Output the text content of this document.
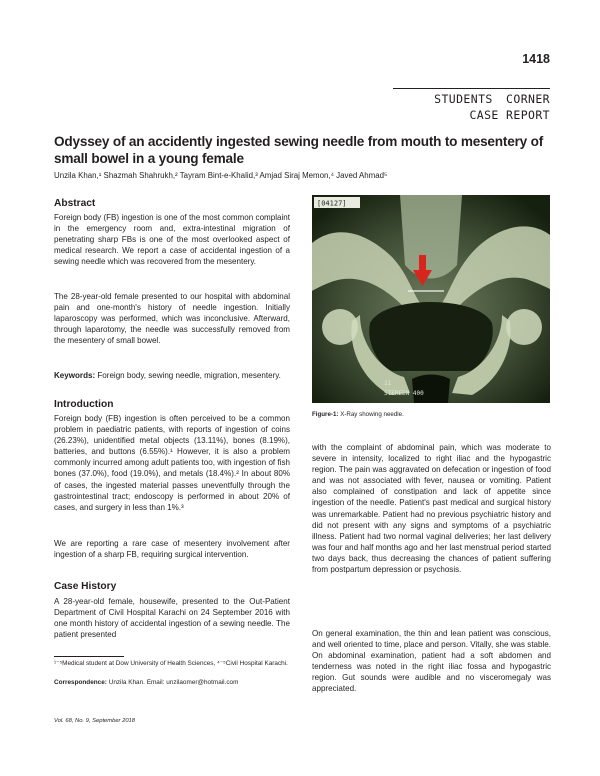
1418
STUDENTS CORNER
CASE REPORT
Odyssey of an accidently ingested sewing needle from mouth to mesentery of
small bowel in a young female
Unzila Khan,¹ Shazmah Shahrukh,² Tayram Bint-e-Khalid,³ Amjad Siraj Memon,⁴ Javed Ahmad⁵
Abstract

Foreign body (FB) ingestion is one of the most common complaint in the emergency room and, extra-intestinal migration of penetrating sharp FBs is one of the most overlooked aspect of medical research. We report a case of accidental ingestion of a sewing needle which was recovered from the mesentery.

The 28-year-old female presented to our hospital with abdominal pain and one-month's history of needle ingestion. Initially laparoscopy was performed, which was inconclusive. Afterward, through laparotomy, the needle was successfully removed from the mesentery of small bowel.

Keywords: Foreign body, sewing needle, migration, mesentery.

Introduction

Foreign body (FB) ingestion is often perceived to be a common problem in paediatric patients, with reports of ingestion of coins (26.23%), unidentified metal objects (13.11%), bones (8.19%), batteries, and buttons (6.55%).¹ However, it is also a problem commonly incurred among adult patients too, with ingestion of fish bones (37.0%), food (19.0%), and metals (18.4%).² In about 80% of cases, the ingested material passes uneventfully through the gastrointestinal tract; endoscopy is performed in about 20% of cases, and surgery in less than 1%.³

We are reporting a rare case of mesentery involvement after ingestion of a sharp FB, requiring surgical intervention.

Case History

A 28-year-old female, housewife, presented to the Out-Patient Department of Civil Hospital Karachi on 24 September 2016 with one month history of accidental ingestion of a sewing needle. The patient presented

¹⁻⁵Medical student at Dow University of Health Sciences, ⁴⁻⁵Civil Hospital Karachi.
Correspondence: Unzila Khan. Email: unzilaomer@hotmail.com
Vol. 68, No. 9, September 2018
[04127]
11
STEREEN 400
Figure-1: X-Ray showing needle.

with the complaint of abdominal pain, which was moderate to severe in intensity, localized to right iliac and the hypogastric region. The pain was aggravated on defecation or ingestion of food and was not associated with fever, nausea or vomiting. Patient also complained of constipation and lack of appetite since ingestion of the needle. Patient's past medical and surgical history was unremarkable. Patient had no previous psychiatric history and did not present with any signs and symptoms of a psychiatric illness. Patient had two normal vaginal deliveries; her last delivery was four and half months ago and her last menstrual period started two days back, thus decreasing the chances of patient suffering from postpartum depression or psychosis.

On general examination, the thin and lean patient was conscious, and well oriented to time, place and person. Vitally, she was stable. On abdominal examination, patient had a soft abdomen and tenderness was noted in the right iliac fossa and hypogastric region. Gut sounds were audible and no visceromegaly was appreciated.
